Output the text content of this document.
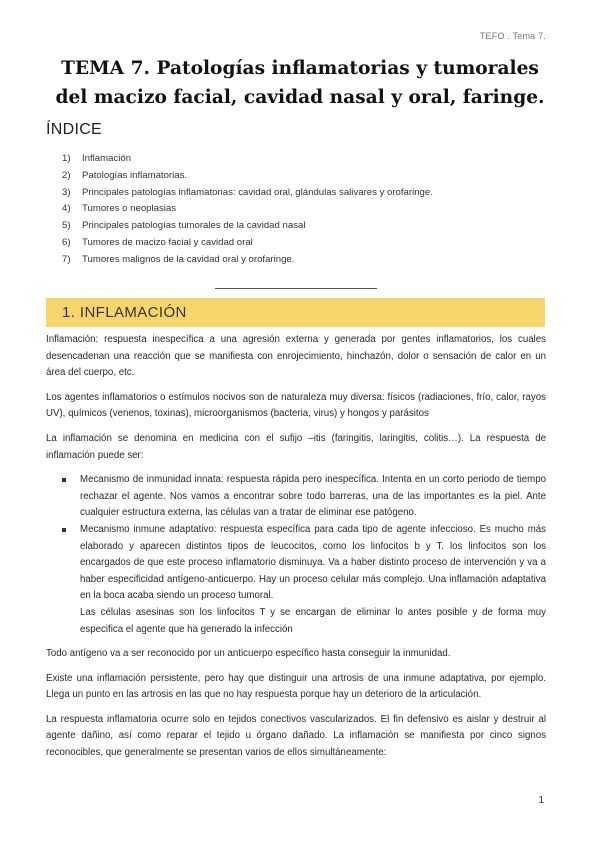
TEFO . Tema 7.
TEMA 7. Patologías inflamatorias y tumorales
del macizo facial, cavidad nasal y oral, faringe.
ÍNDICE
1)	Inflamación
2)	Patologías inflamatorias.
3)	Principales patologías inflamatorias: cavidad oral, glándulas salivares y orofaringe.
4)	Tumores o neoplasias
5)	Principales patologías tumorales de la cavidad nasal
6)	Tumores de macizo facial y cavidad oral
7)	Tumores malignos de la cavidad oral y orofaringe.
1. INFLAMACIÓN

Inflamación: respuesta inespecífica a una agresión externa y generada por gentes inflamatorios, los cuales desencadenan una reacción que se manifiesta con enrojecimiento, hinchazón, dolor o sensación de calor en un área del cuerpo, etc.

Los agentes inflamatorios o estímulos nocivos son de naturaleza muy diversa: físicos (radiaciones, frío, calor, rayos UV), químicos (venenos, toxinas), microorganismos (bacteria, virus) y hongos y parásitos

La inflamación se denomina en medicina con el sufijo –itis (faringitis, laringitis, colitis…). La respuesta de inflamación puede ser:

Mecanismo de inmunidad innata: respuesta rápida pero inespecífica. Intenta en un corto periodo de tiempo rechazar el agente. Nos vamos a encontrar sobre todo barreras, una de las importantes es la piel. Ante cualquier estructura externa, las células van a tratar de eliminar ese patógeno.
Mecanismo inmune adaptativo: respuesta específica para cada tipo de agente infeccioso. Es mucho más elaborado y aparecen distintos tipos de leucocitos, como los linfocitos b y T. los linfocitos son los encargados de que este proceso inflamatorio disminuya. Va a haber distinto proceso de intervención y va a haber especificidad antígeno-anticuerpo. Hay un proceso celular más complejo. Una inflamación adaptativa en la boca acaba siendo un proceso tumoral.
Las células asesinas son los linfocitos T y se encargan de eliminar lo antes posible y de forma muy especifica el agente que ha generado la infección

Todo antígeno va a ser reconocido por un anticuerpo específico hasta conseguir la inmunidad.

Existe una inflamación persistente, pero hay que distinguir una artrosis de una inmune adaptativa, por ejemplo. Llega un punto en las artrosis en las que no hay respuesta porque hay un deterioro de la articulación.

La respuesta inflamatoria ocurre solo en tejidos conectivos vascularizados. El fin defensivo es aislar y destruir al agente dañino, así como reparar el tejido u órgano dañado. La inflamación se manifiesta por cinco signos reconocibles, que generalmente se presentan varios de ellos simultáneamente:

1
